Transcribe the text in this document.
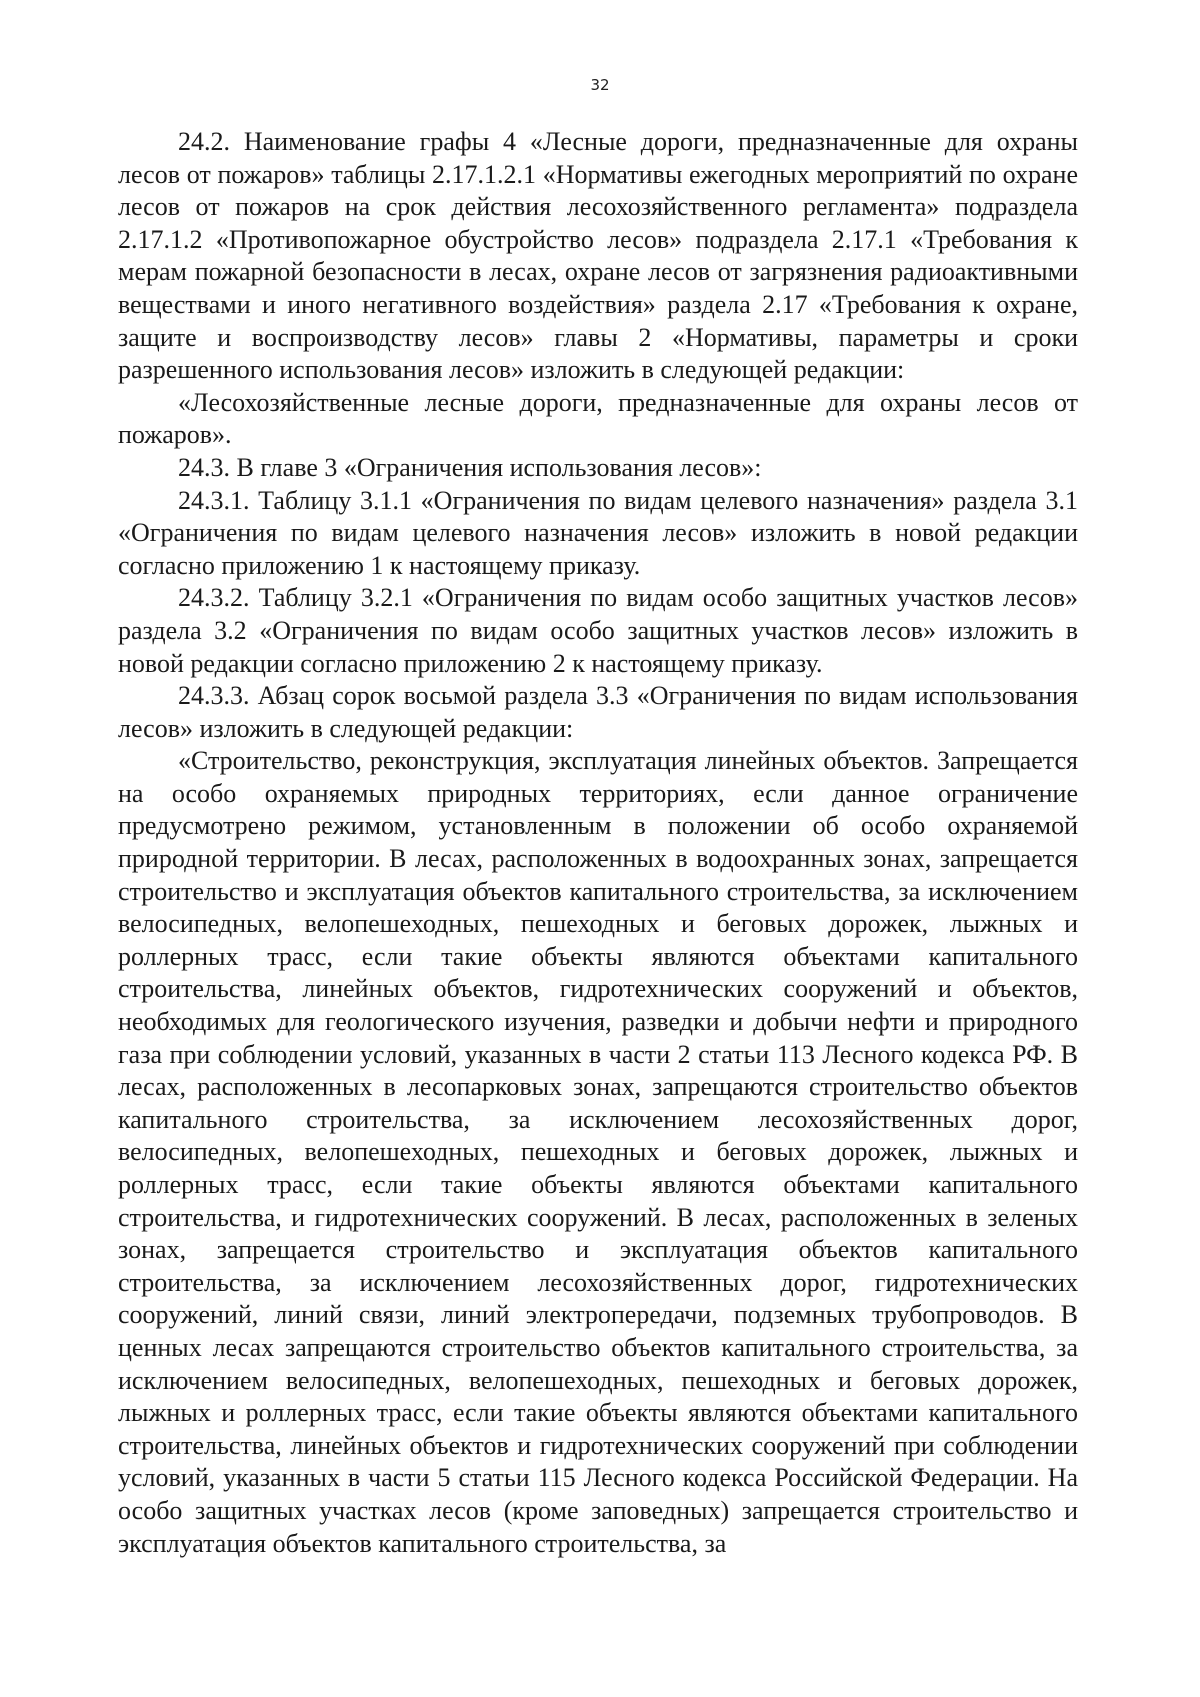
32

24.2. Наименование графы 4 «Лесные дороги, предназначенные для охраны лесов от пожаров» таблицы 2.17.1.2.1 «Нормативы ежегодных мероприятий по охране лесов от пожаров на срок действия лесохозяйственного регламента» подраздела 2.17.1.2 «Противопожарное обустройство лесов» подраздела 2.17.1 «Требования к мерам пожарной безопасности в лесах, охране лесов от загрязнения радиоактивными веществами и иного негативного воздействия» раздела 2.17 «Требования к охране, защите и воспроизводству лесов» главы 2 «Нормативы, параметры и сроки разрешенного использования лесов» изложить в следующей редакции:

«Лесохозяйственные лесные дороги, предназначенные для охраны лесов от пожаров».

24.3. В главе 3 «Ограничения использования лесов»:

24.3.1. Таблицу 3.1.1 «Ограничения по видам целевого назначения» раздела 3.1 «Ограничения по видам целевого назначения лесов» изложить в новой редакции согласно приложению 1 к настоящему приказу.

24.3.2. Таблицу 3.2.1 «Ограничения по видам особо защитных участков лесов» раздела 3.2 «Ограничения по видам особо защитных участков лесов» изложить в новой редакции согласно приложению 2 к настоящему приказу.

24.3.3. Абзац сорок восьмой раздела 3.3 «Ограничения по видам использования лесов» изложить в следующей редакции:

«Строительство, реконструкция, эксплуатация линейных объектов. Запрещается на особо охраняемых природных территориях, если данное ограничение предусмотрено режимом, установленным в положении об особо охраняемой природной территории. В лесах, расположенных в водоохранных зонах, запрещается строительство и эксплуатация объектов капитального строительства, за исключением велосипедных, велопешеходных, пешеходных и беговых дорожек, лыжных и роллерных трасс, если такие объекты являются объектами капитального строительства, линейных объектов, гидротехнических сооружений и объектов, необходимых для геологического изучения, разведки и добычи нефти и природного газа при соблюдении условий, указанных в части 2 статьи 113 Лесного кодекса РФ. В лесах, расположенных в лесопарковых зонах, запрещаются строительство объектов капитального строительства, за исключением лесохозяйственных дорог, велосипедных, велопешеходных, пешеходных и беговых дорожек, лыжных и роллерных трасс, если такие объекты являются объектами капитального строительства, и гидротехнических сооружений. В лесах, расположенных в зеленых зонах, запрещается строительство и эксплуатация объектов капитального строительства, за исключением лесохозяйственных дорог, гидротехнических сооружений, линий связи, линий электропередачи, подземных трубопроводов. В ценных лесах запрещаются строительство объектов капитального строительства, за исключением велосипедных, велопешеходных, пешеходных и беговых дорожек, лыжных и роллерных трасс, если такие объекты являются объектами капитального строительства, линейных объектов и гидротехнических сооружений при соблюдении условий, указанных в части 5 статьи 115 Лесного кодекса Российской Федерации. На особо защитных участках лесов (кроме заповедных) запрещается строительство и эксплуатация объектов капитального строительства, за
